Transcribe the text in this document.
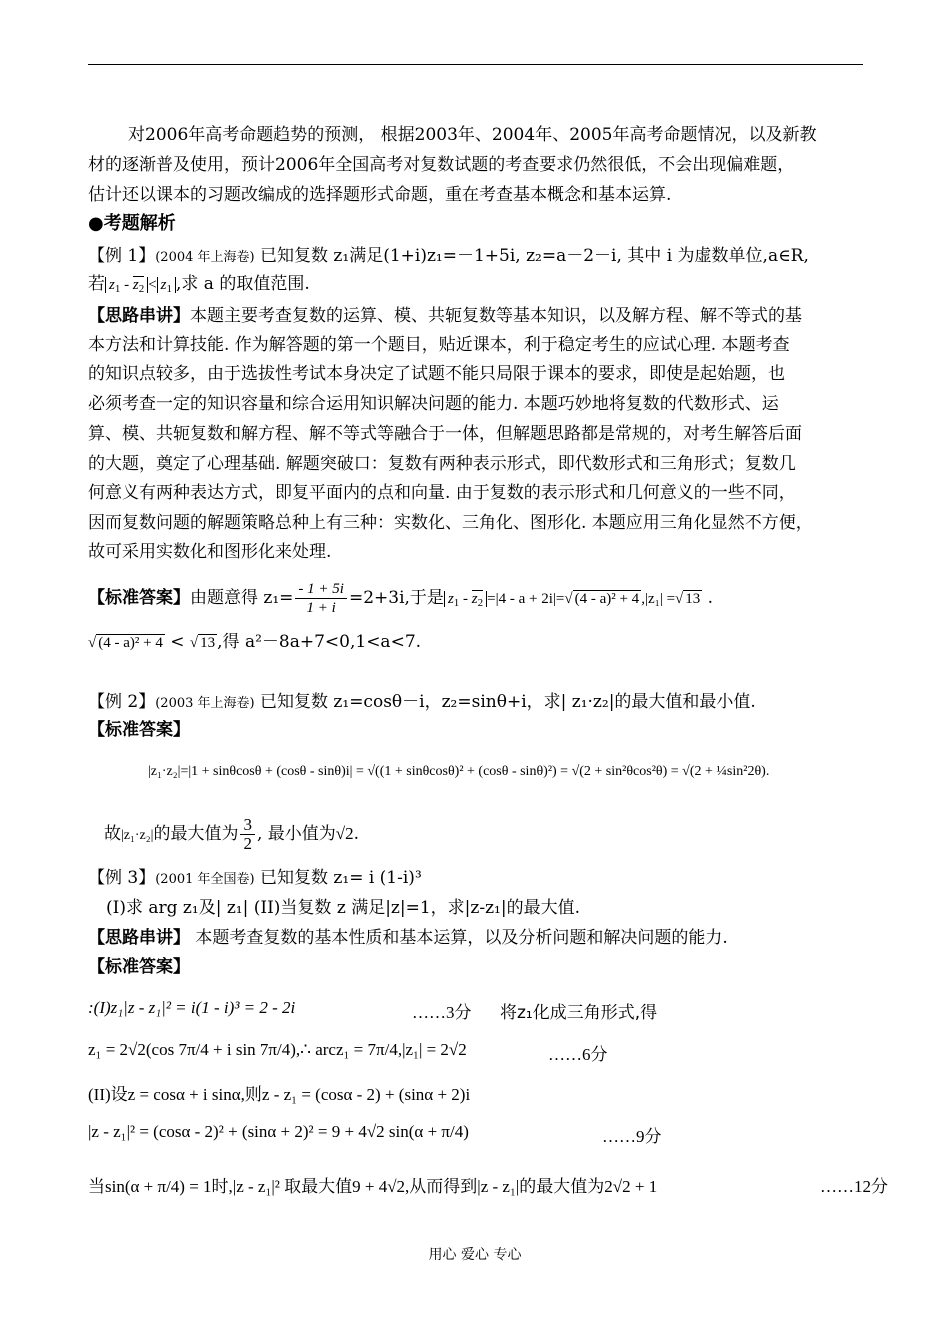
对2006年高考命题趋势的预测， 根据2003年、2004年、2005年高考命题情况，以及新教
材的逐渐普及使用，预计2006年全国高考对复数试题的考查要求仍然很低，不会出现偏难题，
估计还以课本的习题改编成的选择题形式命题，重在考查基本概念和基本运算.
●考题解析
【例 1】(2004 年上海卷) 已知复数 z₁满足(1+i)z₁=－1+5i, z₂=a－2－i, 其中 i 为虚数单位,a∈R,
若 $z_1 - z_2 < z_1$ ,求 a 的取值范围.
【思路串讲】本题主要考查复数的运算、模、共轭复数等基本知识，以及解方程、解不等式的基
本方法和计算技能. 作为解答题的第一个题目，贴近课本，利于稳定考生的应试心理. 本题考查
的知识点较多，由于选拔性考试本身决定了试题不能只局限于课本的要求，即使是起始题，也
必须考查一定的知识容量和综合运用知识解决问题的能力. 本题巧妙地将复数的代数形式、运
算、模、共轭复数和解方程、解不等式等融合于一体，但解题思路都是常规的，对考生解答后面
的大题，奠定了心理基础. 解题突破口：复数有两种表示形式，即代数形式和三角形式；复数几
何意义有两种表达方式，即复平面内的点和向量. 由于复数的表示形式和几何意义的一些不同，
因而复数问题的解题策略总种上有三种：实数化、三角化、图形化. 本题应用三角化显然不方便，
故可采用实数化和图形化来处理.
【标准答案】由题意得 $z_1= \frac{- 1 + 5i}{1 + i} =2+3i$,于是 $z_1 - z_2 =|4 - a + 2i|=√$ (4 - a)² + 4 ,|z₁| =√ 13 .
√ (4 - a)² + 4 < √ 13 ,得 a²－8a+7<0,1<a<7.
【例 2】(2003 年上海卷) 已知复数 z₁=cosθ－i，z₂=sinθ+i，求| z₁·z₂|的最大值和最小值.
【标准答案】
|z₁·z₂|=|1 + sinθcosθ + (cosθ - sinθ)i| = √((1 + sinθcosθ)² + (cosθ - sinθ)²) = √(2 + sin²θcos²θ) = √(2 + ¼sin²2θ).
故|z₁·z₂|的最大值为 $\frac{3}{2}$ , 最小值为√2.
【例 3】(2001 年全国卷) 已知复数 z₁= i (1-i)³
(I)求 arg z₁及| z₁| (II)当复数 z 满足|z|=1，求|z-z₁|的最大值.
【思路串讲】 本题考查复数的基本性质和基本运算，以及分析问题和解决问题的能力.
【标准答案】
:(I)z₁|z - z₁|² = i(1 - i)³ = 2 - 2i	……3分 将z₁化成三角形式,得
z₁ = 2√2(cos 7π/4 + i sin 7π/4),∴ arcz₁ = 7π/4,|z₁| = 2√2	……6分
(II)设z = cosα + i sinα,则z - z₁ = (cosα - 2) + (sinα + 2)i
|z - z₁|² = (cosα - 2)² + (sinα + 2)² = 9 + 4√2 sin(α + π/4)	……9分
当sin(α + π/4) = 1时,|z - z₁|² 取最大值9 + 4√2,从而得到|z - z₁|的最大值为2√2 + 1	……12分
用心 爱心 专心
